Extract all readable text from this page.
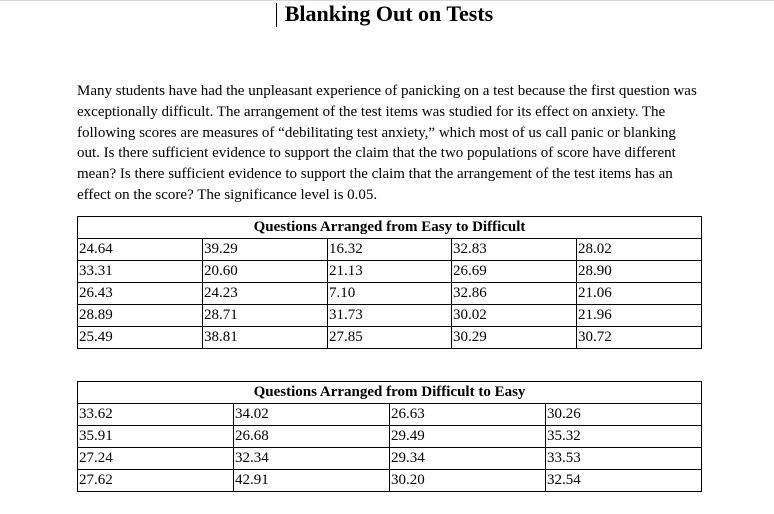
Blanking Out on Tests

Many students have had the unpleasant experience of panicking on a test because the first question was exceptionally difficult. The arrangement of the test items was studied for its effect on anxiety. The following scores are measures of “debilitating test anxiety,” which most of us call panic or blanking out. Is there sufficient evidence to support the claim that the two populations of score have different mean? Is there sufficient evidence to support the claim that the arrangement of the test items has an effect on the score? The significance level is 0.05.

Questions Arranged from Easy to Difficult				
24.64	39.29	16.32	32.83	28.02
33.31	20.60	21.13	26.69	28.90
26.43	24.23	7.10	32.86	21.06
28.89	28.71	31.73	30.02	21.96
25.49	38.81	27.85	30.29	30.72
Questions Arranged from Difficult to Easy			
33.62	34.02	26.63	30.26
35.91	26.68	29.49	35.32
27.24	32.34	29.34	33.53
27.62	42.91	30.20	32.54
